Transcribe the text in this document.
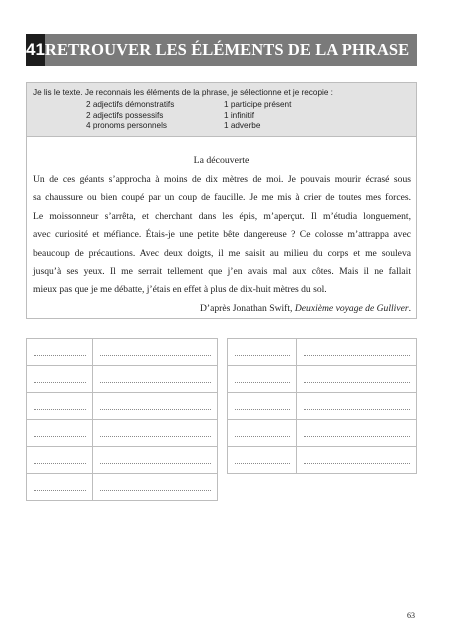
41 RETROUVER LES ÉLÉMENTS DE LA PHRASE
Je lis le texte. Je reconnais les éléments de la phrase, je sélectionne et je recopie :
2 adjectifs démonstratifs
2 adjectifs possessifs
4 pronoms personnels
1 participe présent
1 infinitif
1 adverbe
La découverte

Un de ces géants s’approcha à moins de dix mètres de moi. Je pouvais mourir écrasé sous
sa chaussure ou bien coupé par un coup de faucille. Je me mis à crier de toutes mes forces.
Le moissonneur s’arrêta, et cherchant dans les épis, m’aperçut. Il m’étudia longuement,
avec curiosité et méfiance. Étais-je une petite bête dangereuse ? Ce colosse m’attrappa avec
beaucoup de précautions. Avec deux doigts, il me saisit au milieu du corps et me souleva
jusqu’à ses yeux. Il me serrait tellement que j’en avais mal aux côtes. Mais il ne fallait
mieux pas que je me débatte, j’étais en effet à plus de dix-huit mètres du sol.
D’après Jonathan Swift, Deuxième voyage de Gulliver.

63
